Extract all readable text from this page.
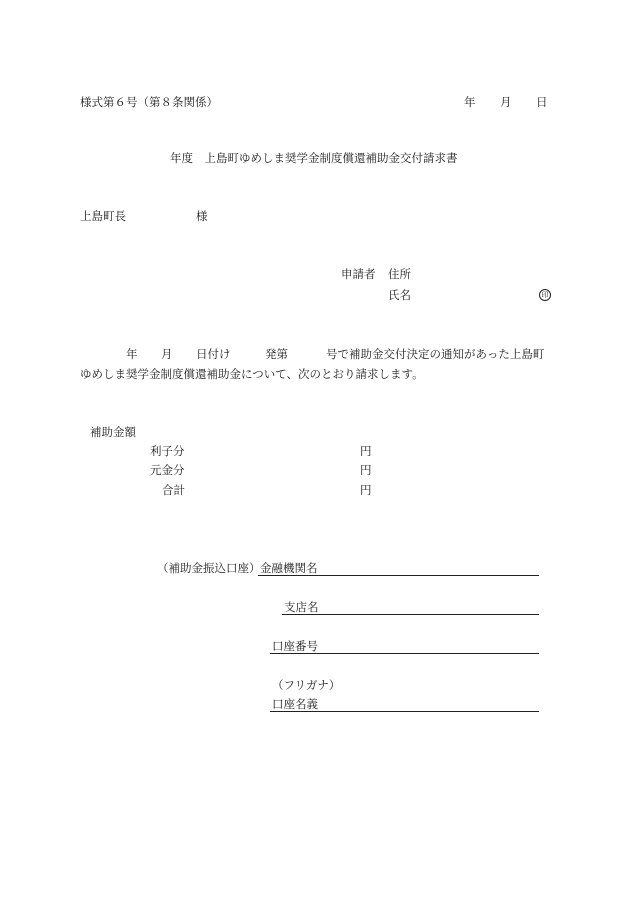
様式第６号（第８条関係）	年 月 日
年度　上島町ゆめしま奨学金制度償還補助金交付請求書
上島町長	様
申請者 住所
氏名	印
年 月 日付け	発第	号で補助金交付決定の通知があった上島町
ゆめしま奨学金制度償還補助金について、次のとおり請求します。
補助金額
利子分	円
元金分	円
合計	円
（補助金振込口座） 金融機関名
支店名
口座番号
（フリガナ）
口座名義
